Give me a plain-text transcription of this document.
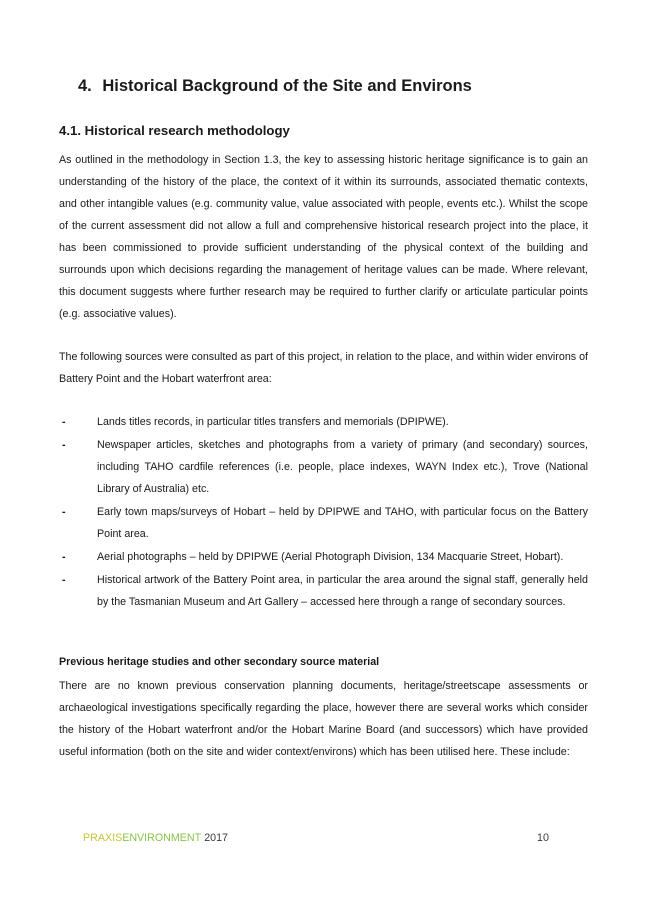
4. Historical Background of the Site and Environs
4.1. Historical research methodology

As outlined in the methodology in Section 1.3, the key to assessing historic heritage significance is to gain an understanding of the history of the place, the context of it within its surrounds, associated thematic contexts, and other intangible values (e.g. community value, value associated with people, events etc.). Whilst the scope of the current assessment did not allow a full and comprehensive historical research project into the place, it has been commissioned to provide sufficient understanding of the physical context of the building and surrounds upon which decisions regarding the management of heritage values can be made. Where relevant, this document suggests where further research may be required to further clarify or articulate particular points (e.g. associative values).

The following sources were consulted as part of this project, in relation to the place, and within wider environs of Battery Point and the Hobart waterfront area:

-	Lands titles records, in particular titles transfers and memorials (DPIPWE).
-	Newspaper articles, sketches and photographs from a variety of primary (and secondary) sources, including TAHO cardfile references (i.e. people, place indexes, WAYN Index etc.), Trove (National Library of Australia) etc.
-	Early town maps/surveys of Hobart – held by DPIPWE and TAHO, with particular focus on the Battery Point area.
-	Aerial photographs – held by DPIPWE (Aerial Photograph Division, 134 Macquarie Street, Hobart).
-	Historical artwork of the Battery Point area, in particular the area around the signal staff, generally held by the Tasmanian Museum and Art Gallery – accessed here through a range of secondary sources.
Previous heritage studies and other secondary source material

There are no known previous conservation planning documents, heritage/streetscape assessments or archaeological investigations specifically regarding the place, however there are several works which consider the history of the Hobart waterfront and/or the Hobart Marine Board (and successors) which have provided useful information (both on the site and wider context/environs) which has been utilised here. These include:

PRAXISENVIRONMENT 2017	10
